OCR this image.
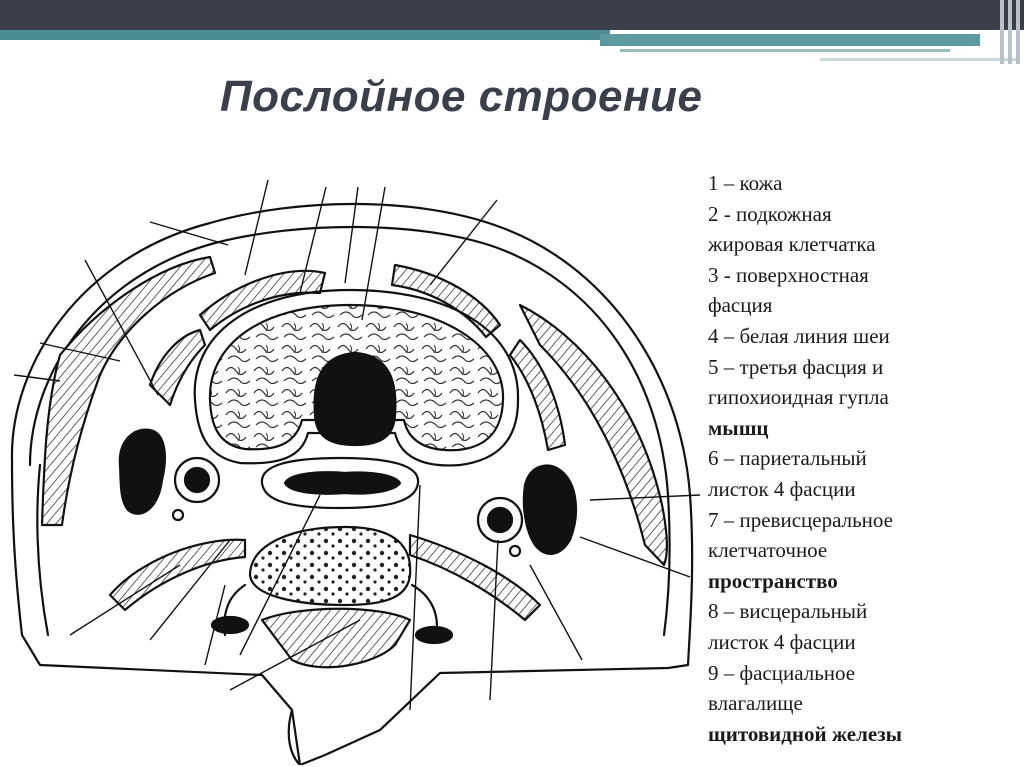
Послойное строение
1 – кожа
2 - подкожная
жировая клетчатка
3 - поверхностная
фасция
4 – белая линия шеи
5 – третья фасция и
гипохиоидная гупла
мышц
6 – париетальный
листок 4 фасции
7 – превисцеральное
клетчаточное
пространство
8 – висцеральный
листок 4 фасции
9 – фасциальное
влагалище
щитовидной железы
